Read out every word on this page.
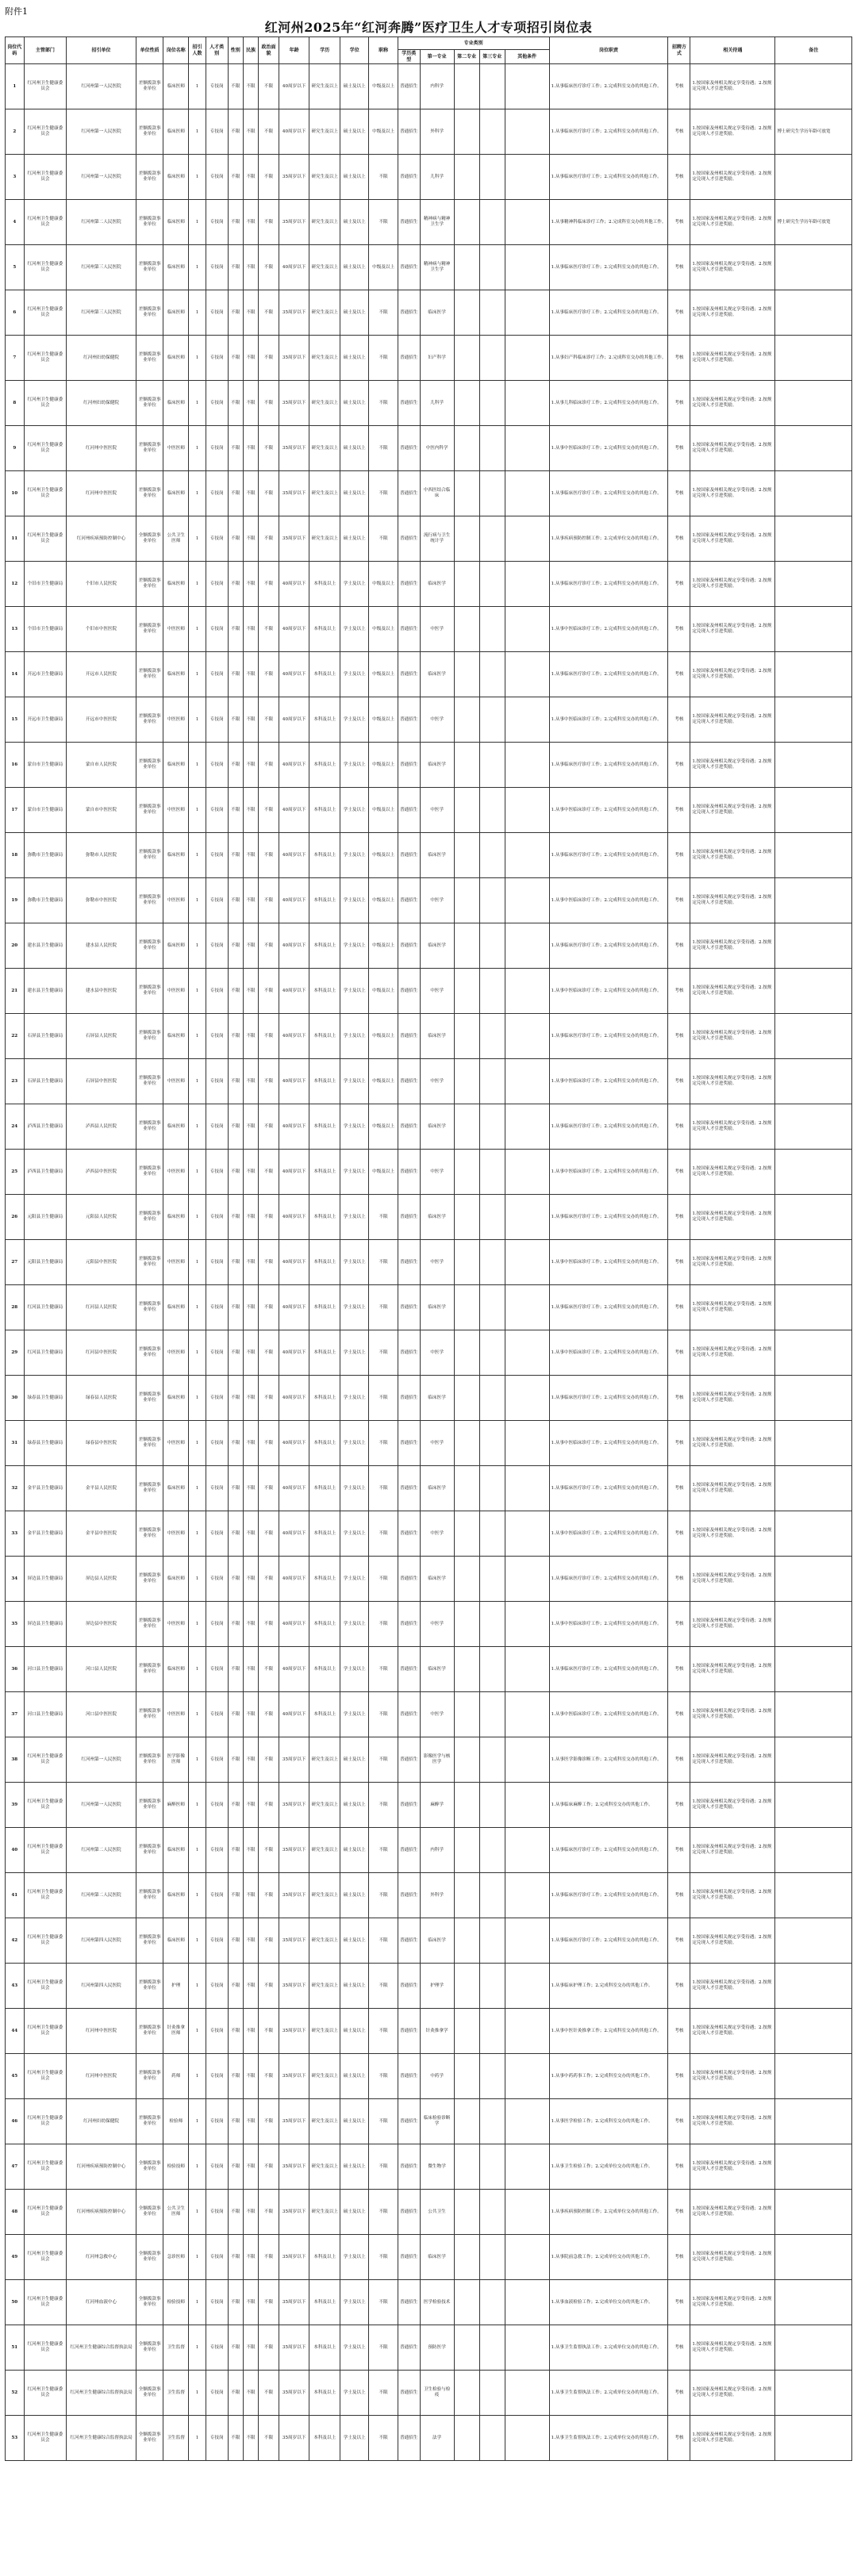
附件1
红河州2025年“红河奔腾”医疗卫生人才专项招引岗位表
岗位代码	主管部门	招引单位	单位性质	岗位名称	招引人数	人才类别	性别	民族	政治面貌	年龄	学历	学位	职称	专业类别					岗位职责	招聘方式	相关待遇	备注
														学历类型	第一专业	第二专业	第三专业	其他条件				
1	红河州卫生健康委员会	红河州第一人民医院	差额拨款事业单位	临床医师	1	专技岗	不限	不限	不限	40周岁以下	研究生及以上	硕士及以上	中级及以上	普通招生	内科学				1.从事临床医疗诊疗工作；2.完成科室交办的其他工作。	考核	1.按国家及州相关规定享受待遇；2.按规定兑现人才引进奖励。	
2	红河州卫生健康委员会	红河州第一人民医院	差额拨款事业单位	临床医师	1	专技岗	不限	不限	不限	40周岁以下	研究生及以上	硕士及以上	中级及以上	普通招生	外科学				1.从事临床医疗诊疗工作；2.完成科室交办的其他工作。	考核	1.按国家及州相关规定享受待遇；2.按规定兑现人才引进奖励。	博士研究生学历年龄可放宽
3	红河州卫生健康委员会	红河州第一人民医院	差额拨款事业单位	临床医师	1	专技岗	不限	不限	不限	35周岁以下	研究生及以上	硕士及以上	不限	普通招生	儿科学				1.从事临床医疗诊疗工作；2.完成科室交办的其他工作。	考核	1.按国家及州相关规定享受待遇；2.按规定兑现人才引进奖励。	
4	红河州卫生健康委员会	红河州第二人民医院	差额拨款事业单位	临床医师	1	专技岗	不限	不限	不限	35周岁以下	研究生及以上	硕士及以上	不限	普通招生	精神病与精神卫生学				1.从事精神科临床诊疗工作；2.完成科室交办的其他工作。	考核	1.按国家及州相关规定享受待遇；2.按规定兑现人才引进奖励。	博士研究生学历年龄可放宽
5	红河州卫生健康委员会	红河州第三人民医院	差额拨款事业单位	临床医师	1	专技岗	不限	不限	不限	40周岁以下	研究生及以上	硕士及以上	中级及以上	普通招生	精神病与精神卫生学				1.从事临床医疗诊疗工作；2.完成科室交办的其他工作。	考核	1.按国家及州相关规定享受待遇；2.按规定兑现人才引进奖励。	
6	红河州卫生健康委员会	红河州第三人民医院	差额拨款事业单位	临床医师	1	专技岗	不限	不限	不限	35周岁以下	研究生及以上	硕士及以上	不限	普通招生	临床医学				1.从事临床医疗诊疗工作；2.完成科室交办的其他工作。	考核	1.按国家及州相关规定享受待遇；2.按规定兑现人才引进奖励。	
7	红河州卫生健康委员会	红河州妇幼保健院	差额拨款事业单位	临床医师	1	专技岗	不限	不限	不限	35周岁以下	研究生及以上	硕士及以上	不限	普通招生	妇产科学				1.从事妇产科临床诊疗工作；2.完成科室交办的其他工作。	考核	1.按国家及州相关规定享受待遇；2.按规定兑现人才引进奖励。	
8	红河州卫生健康委员会	红河州妇幼保健院	差额拨款事业单位	临床医师	1	专技岗	不限	不限	不限	35周岁以下	研究生及以上	硕士及以上	不限	普通招生	儿科学				1.从事儿科临床诊疗工作；2.完成科室交办的其他工作。	考核	1.按国家及州相关规定享受待遇；2.按规定兑现人才引进奖励。	
9	红河州卫生健康委员会	红河州中医医院	差额拨款事业单位	中医医师	1	专技岗	不限	不限	不限	35周岁以下	研究生及以上	硕士及以上	不限	普通招生	中医内科学				1.从事中医临床诊疗工作；2.完成科室交办的其他工作。	考核	1.按国家及州相关规定享受待遇；2.按规定兑现人才引进奖励。	
10	红河州卫生健康委员会	红河州中医医院	差额拨款事业单位	临床医师	1	专技岗	不限	不限	不限	35周岁以下	研究生及以上	硕士及以上	不限	普通招生	中西医结合临床				1.从事临床医疗诊疗工作；2.完成科室交办的其他工作。	考核	1.按国家及州相关规定享受待遇；2.按规定兑现人才引进奖励。	
11	红河州卫生健康委员会	红河州疾病预防控制中心	全额拨款事业单位	公共卫生医师	1	专技岗	不限	不限	不限	35周岁以下	研究生及以上	硕士及以上	不限	普通招生	流行病与卫生统计学				1.从事疾病预防控制工作；2.完成单位交办的其他工作。	考核	1.按国家及州相关规定享受待遇；2.按规定兑现人才引进奖励。	
12	个旧市卫生健康局	个旧市人民医院	差额拨款事业单位	临床医师	1	专技岗	不限	不限	不限	40周岁以下	本科及以上	学士及以上	中级及以上	普通招生	临床医学				1.从事临床医疗诊疗工作；2.完成科室交办的其他工作。	考核	1.按国家及州相关规定享受待遇；2.按规定兑现人才引进奖励。	
13	个旧市卫生健康局	个旧市中医医院	差额拨款事业单位	中医医师	1	专技岗	不限	不限	不限	40周岁以下	本科及以上	学士及以上	中级及以上	普通招生	中医学				1.从事中医临床诊疗工作；2.完成科室交办的其他工作。	考核	1.按国家及州相关规定享受待遇；2.按规定兑现人才引进奖励。	
14	开远市卫生健康局	开远市人民医院	差额拨款事业单位	临床医师	1	专技岗	不限	不限	不限	40周岁以下	本科及以上	学士及以上	中级及以上	普通招生	临床医学				1.从事临床医疗诊疗工作；2.完成科室交办的其他工作。	考核	1.按国家及州相关规定享受待遇；2.按规定兑现人才引进奖励。	
15	开远市卫生健康局	开远市中医医院	差额拨款事业单位	中医医师	1	专技岗	不限	不限	不限	40周岁以下	本科及以上	学士及以上	中级及以上	普通招生	中医学				1.从事中医临床诊疗工作；2.完成科室交办的其他工作。	考核	1.按国家及州相关规定享受待遇；2.按规定兑现人才引进奖励。	
16	蒙自市卫生健康局	蒙自市人民医院	差额拨款事业单位	临床医师	1	专技岗	不限	不限	不限	40周岁以下	本科及以上	学士及以上	中级及以上	普通招生	临床医学				1.从事临床医疗诊疗工作；2.完成科室交办的其他工作。	考核	1.按国家及州相关规定享受待遇；2.按规定兑现人才引进奖励。	
17	蒙自市卫生健康局	蒙自市中医医院	差额拨款事业单位	中医医师	1	专技岗	不限	不限	不限	40周岁以下	本科及以上	学士及以上	中级及以上	普通招生	中医学				1.从事中医临床诊疗工作；2.完成科室交办的其他工作。	考核	1.按国家及州相关规定享受待遇；2.按规定兑现人才引进奖励。	
18	弥勒市卫生健康局	弥勒市人民医院	差额拨款事业单位	临床医师	1	专技岗	不限	不限	不限	40周岁以下	本科及以上	学士及以上	中级及以上	普通招生	临床医学				1.从事临床医疗诊疗工作；2.完成科室交办的其他工作。	考核	1.按国家及州相关规定享受待遇；2.按规定兑现人才引进奖励。	
19	弥勒市卫生健康局	弥勒市中医医院	差额拨款事业单位	中医医师	1	专技岗	不限	不限	不限	40周岁以下	本科及以上	学士及以上	中级及以上	普通招生	中医学				1.从事中医临床诊疗工作；2.完成科室交办的其他工作。	考核	1.按国家及州相关规定享受待遇；2.按规定兑现人才引进奖励。	
20	建水县卫生健康局	建水县人民医院	差额拨款事业单位	临床医师	1	专技岗	不限	不限	不限	40周岁以下	本科及以上	学士及以上	中级及以上	普通招生	临床医学				1.从事临床医疗诊疗工作；2.完成科室交办的其他工作。	考核	1.按国家及州相关规定享受待遇；2.按规定兑现人才引进奖励。	
21	建水县卫生健康局	建水县中医医院	差额拨款事业单位	中医医师	1	专技岗	不限	不限	不限	40周岁以下	本科及以上	学士及以上	中级及以上	普通招生	中医学				1.从事中医临床诊疗工作；2.完成科室交办的其他工作。	考核	1.按国家及州相关规定享受待遇；2.按规定兑现人才引进奖励。	
22	石屏县卫生健康局	石屏县人民医院	差额拨款事业单位	临床医师	1	专技岗	不限	不限	不限	40周岁以下	本科及以上	学士及以上	中级及以上	普通招生	临床医学				1.从事临床医疗诊疗工作；2.完成科室交办的其他工作。	考核	1.按国家及州相关规定享受待遇；2.按规定兑现人才引进奖励。	
23	石屏县卫生健康局	石屏县中医医院	差额拨款事业单位	中医医师	1	专技岗	不限	不限	不限	40周岁以下	本科及以上	学士及以上	中级及以上	普通招生	中医学				1.从事中医临床诊疗工作；2.完成科室交办的其他工作。	考核	1.按国家及州相关规定享受待遇；2.按规定兑现人才引进奖励。	
24	泸西县卫生健康局	泸西县人民医院	差额拨款事业单位	临床医师	1	专技岗	不限	不限	不限	40周岁以下	本科及以上	学士及以上	中级及以上	普通招生	临床医学				1.从事临床医疗诊疗工作；2.完成科室交办的其他工作。	考核	1.按国家及州相关规定享受待遇；2.按规定兑现人才引进奖励。	
25	泸西县卫生健康局	泸西县中医医院	差额拨款事业单位	中医医师	1	专技岗	不限	不限	不限	40周岁以下	本科及以上	学士及以上	中级及以上	普通招生	中医学				1.从事中医临床诊疗工作；2.完成科室交办的其他工作。	考核	1.按国家及州相关规定享受待遇；2.按规定兑现人才引进奖励。	
26	元阳县卫生健康局	元阳县人民医院	差额拨款事业单位	临床医师	1	专技岗	不限	不限	不限	40周岁以下	本科及以上	学士及以上	不限	普通招生	临床医学				1.从事临床医疗诊疗工作；2.完成科室交办的其他工作。	考核	1.按国家及州相关规定享受待遇；2.按规定兑现人才引进奖励。	
27	元阳县卫生健康局	元阳县中医医院	差额拨款事业单位	中医医师	1	专技岗	不限	不限	不限	40周岁以下	本科及以上	学士及以上	不限	普通招生	中医学				1.从事中医临床诊疗工作；2.完成科室交办的其他工作。	考核	1.按国家及州相关规定享受待遇；2.按规定兑现人才引进奖励。	
28	红河县卫生健康局	红河县人民医院	差额拨款事业单位	临床医师	1	专技岗	不限	不限	不限	40周岁以下	本科及以上	学士及以上	不限	普通招生	临床医学				1.从事临床医疗诊疗工作；2.完成科室交办的其他工作。	考核	1.按国家及州相关规定享受待遇；2.按规定兑现人才引进奖励。	
29	红河县卫生健康局	红河县中医医院	差额拨款事业单位	中医医师	1	专技岗	不限	不限	不限	40周岁以下	本科及以上	学士及以上	不限	普通招生	中医学				1.从事中医临床诊疗工作；2.完成科室交办的其他工作。	考核	1.按国家及州相关规定享受待遇；2.按规定兑现人才引进奖励。	
30	绿春县卫生健康局	绿春县人民医院	差额拨款事业单位	临床医师	1	专技岗	不限	不限	不限	40周岁以下	本科及以上	学士及以上	不限	普通招生	临床医学				1.从事临床医疗诊疗工作；2.完成科室交办的其他工作。	考核	1.按国家及州相关规定享受待遇；2.按规定兑现人才引进奖励。	
31	绿春县卫生健康局	绿春县中医医院	差额拨款事业单位	中医医师	1	专技岗	不限	不限	不限	40周岁以下	本科及以上	学士及以上	不限	普通招生	中医学				1.从事中医临床诊疗工作；2.完成科室交办的其他工作。	考核	1.按国家及州相关规定享受待遇；2.按规定兑现人才引进奖励。	
32	金平县卫生健康局	金平县人民医院	差额拨款事业单位	临床医师	1	专技岗	不限	不限	不限	40周岁以下	本科及以上	学士及以上	不限	普通招生	临床医学				1.从事临床医疗诊疗工作；2.完成科室交办的其他工作。	考核	1.按国家及州相关规定享受待遇；2.按规定兑现人才引进奖励。	
33	金平县卫生健康局	金平县中医医院	差额拨款事业单位	中医医师	1	专技岗	不限	不限	不限	40周岁以下	本科及以上	学士及以上	不限	普通招生	中医学				1.从事中医临床诊疗工作；2.完成科室交办的其他工作。	考核	1.按国家及州相关规定享受待遇；2.按规定兑现人才引进奖励。	
34	屏边县卫生健康局	屏边县人民医院	差额拨款事业单位	临床医师	1	专技岗	不限	不限	不限	40周岁以下	本科及以上	学士及以上	不限	普通招生	临床医学				1.从事临床医疗诊疗工作；2.完成科室交办的其他工作。	考核	1.按国家及州相关规定享受待遇；2.按规定兑现人才引进奖励。	
35	屏边县卫生健康局	屏边县中医医院	差额拨款事业单位	中医医师	1	专技岗	不限	不限	不限	40周岁以下	本科及以上	学士及以上	不限	普通招生	中医学				1.从事中医临床诊疗工作；2.完成科室交办的其他工作。	考核	1.按国家及州相关规定享受待遇；2.按规定兑现人才引进奖励。	
36	河口县卫生健康局	河口县人民医院	差额拨款事业单位	临床医师	1	专技岗	不限	不限	不限	40周岁以下	本科及以上	学士及以上	不限	普通招生	临床医学				1.从事临床医疗诊疗工作；2.完成科室交办的其他工作。	考核	1.按国家及州相关规定享受待遇；2.按规定兑现人才引进奖励。	
37	河口县卫生健康局	河口县中医医院	差额拨款事业单位	中医医师	1	专技岗	不限	不限	不限	40周岁以下	本科及以上	学士及以上	不限	普通招生	中医学				1.从事中医临床诊疗工作；2.完成科室交办的其他工作。	考核	1.按国家及州相关规定享受待遇；2.按规定兑现人才引进奖励。	
38	红河州卫生健康委员会	红河州第一人民医院	差额拨款事业单位	医学影像医师	1	专技岗	不限	不限	不限	35周岁以下	研究生及以上	硕士及以上	不限	普通招生	影像医学与核医学				1.从事医学影像诊断工作；2.完成科室交办的其他工作。	考核	1.按国家及州相关规定享受待遇；2.按规定兑现人才引进奖励。	
39	红河州卫生健康委员会	红河州第一人民医院	差额拨款事业单位	麻醉医师	1	专技岗	不限	不限	不限	35周岁以下	研究生及以上	硕士及以上	不限	普通招生	麻醉学				1.从事临床麻醉工作；2.完成科室交办的其他工作。	考核	1.按国家及州相关规定享受待遇；2.按规定兑现人才引进奖励。	
40	红河州卫生健康委员会	红河州第二人民医院	差额拨款事业单位	临床医师	1	专技岗	不限	不限	不限	35周岁以下	研究生及以上	硕士及以上	不限	普通招生	内科学				1.从事临床医疗诊疗工作；2.完成科室交办的其他工作。	考核	1.按国家及州相关规定享受待遇；2.按规定兑现人才引进奖励。	
41	红河州卫生健康委员会	红河州第二人民医院	差额拨款事业单位	临床医师	1	专技岗	不限	不限	不限	35周岁以下	研究生及以上	硕士及以上	不限	普通招生	外科学				1.从事临床医疗诊疗工作；2.完成科室交办的其他工作。	考核	1.按国家及州相关规定享受待遇；2.按规定兑现人才引进奖励。	
42	红河州卫生健康委员会	红河州第四人民医院	差额拨款事业单位	临床医师	1	专技岗	不限	不限	不限	35周岁以下	研究生及以上	硕士及以上	不限	普通招生	临床医学				1.从事临床医疗诊疗工作；2.完成科室交办的其他工作。	考核	1.按国家及州相关规定享受待遇；2.按规定兑现人才引进奖励。	
43	红河州卫生健康委员会	红河州第四人民医院	差额拨款事业单位	护理	1	专技岗	不限	不限	不限	35周岁以下	研究生及以上	硕士及以上	不限	普通招生	护理学				1.从事临床护理工作；2.完成科室交办的其他工作。	考核	1.按国家及州相关规定享受待遇；2.按规定兑现人才引进奖励。	
44	红河州卫生健康委员会	红河州中医医院	差额拨款事业单位	针灸推拿医师	1	专技岗	不限	不限	不限	35周岁以下	研究生及以上	硕士及以上	不限	普通招生	针灸推拿学				1.从事中医针灸推拿工作；2.完成科室交办的其他工作。	考核	1.按国家及州相关规定享受待遇；2.按规定兑现人才引进奖励。	
45	红河州卫生健康委员会	红河州中医医院	差额拨款事业单位	药师	1	专技岗	不限	不限	不限	35周岁以下	研究生及以上	硕士及以上	不限	普通招生	中药学				1.从事中药药事工作；2.完成科室交办的其他工作。	考核	1.按国家及州相关规定享受待遇；2.按规定兑现人才引进奖励。	
46	红河州卫生健康委员会	红河州妇幼保健院	差额拨款事业单位	检验师	1	专技岗	不限	不限	不限	35周岁以下	研究生及以上	硕士及以上	不限	普通招生	临床检验诊断学				1.从事医学检验工作；2.完成科室交办的其他工作。	考核	1.按国家及州相关规定享受待遇；2.按规定兑现人才引进奖励。	
47	红河州卫生健康委员会	红河州疾病预防控制中心	全额拨款事业单位	检验技师	1	专技岗	不限	不限	不限	35周岁以下	研究生及以上	硕士及以上	不限	普通招生	微生物学				1.从事卫生检验工作；2.完成单位交办的其他工作。	考核	1.按国家及州相关规定享受待遇；2.按规定兑现人才引进奖励。	
48	红河州卫生健康委员会	红河州疾病预防控制中心	全额拨款事业单位	公共卫生医师	1	专技岗	不限	不限	不限	35周岁以下	研究生及以上	硕士及以上	不限	普通招生	公共卫生				1.从事疾病预防控制工作；2.完成单位交办的其他工作。	考核	1.按国家及州相关规定享受待遇；2.按规定兑现人才引进奖励。	
49	红河州卫生健康委员会	红河州急救中心	全额拨款事业单位	急诊医师	1	专技岗	不限	不限	不限	35周岁以下	本科及以上	学士及以上	不限	普通招生	临床医学				1.从事院前急救工作；2.完成单位交办的其他工作。	考核	1.按国家及州相关规定享受待遇；2.按规定兑现人才引进奖励。	
50	红河州卫生健康委员会	红河州血液中心	全额拨款事业单位	检验技师	1	专技岗	不限	不限	不限	35周岁以下	本科及以上	学士及以上	不限	普通招生	医学检验技术				1.从事血液检验工作；2.完成单位交办的其他工作。	考核	1.按国家及州相关规定享受待遇；2.按规定兑现人才引进奖励。	
51	红河州卫生健康委员会	红河州卫生健康综合监督执法局	全额拨款事业单位	卫生监督	1	专技岗	不限	不限	不限	35周岁以下	本科及以上	学士及以上	不限	普通招生	预防医学				1.从事卫生监督执法工作；2.完成单位交办的其他工作。	考核	1.按国家及州相关规定享受待遇；2.按规定兑现人才引进奖励。	
52	红河州卫生健康委员会	红河州卫生健康综合监督执法局	全额拨款事业单位	卫生监督	1	专技岗	不限	不限	不限	35周岁以下	本科及以上	学士及以上	不限	普通招生	卫生检验与检疫				1.从事卫生监督执法工作；2.完成单位交办的其他工作。	考核	1.按国家及州相关规定享受待遇；2.按规定兑现人才引进奖励。	
53	红河州卫生健康委员会	红河州卫生健康综合监督执法局	全额拨款事业单位	卫生监督	1	专技岗	不限	不限	不限	35周岁以下	本科及以上	学士及以上	不限	普通招生	法学				1.从事卫生监督执法工作；2.完成单位交办的其他工作。	考核	1.按国家及州相关规定享受待遇；2.按规定兑现人才引进奖励。	
